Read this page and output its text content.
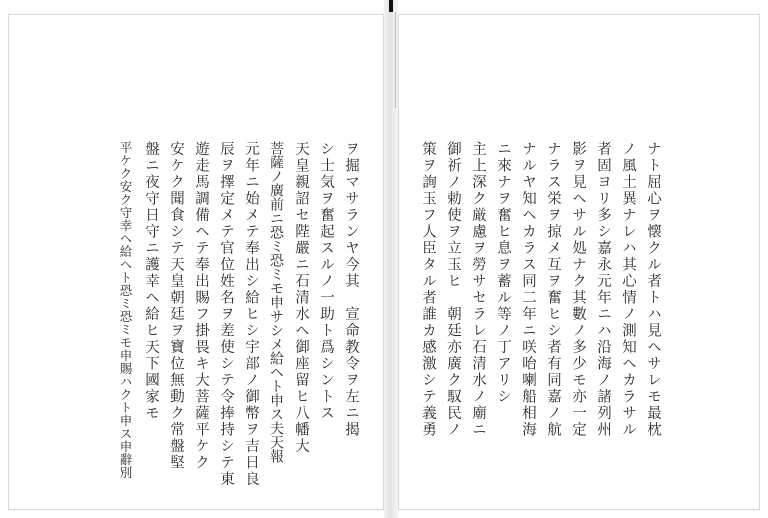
ヲ掘マサランヤ今其　宣命教令ヲ左ニ揭
シ士気ヲ奮起スルノ一助ト爲シントス
天皇親詔セ陛嚴ニ石清水ヘ御座留ヒ八幡大
菩薩ノ廣前ニ恐ミ恐ミモ申サシメ給ヘト申ス夫天報
元年ニ始メテ奉出シ給ヒシ宇部ノ御幣ヲ吉日良
辰ヲ擇定メテ官位姓名ヲ差使シテ令捧持シテ東
遊走馬調備ヘテ奉出賜フ掛畏キ大菩薩平ケク
安ケク聞食シテ天皇朝廷ヲ寶位無動ク常盤堅
盤ニ夜守日守ニ護幸ヘ給ヒ天下國家モ
平ケク安ク守幸ヘ給ヘト恐ミ恐ミモ申賜ハクト申ス申辭別	ナト屈心ヲ懐クル者トハ見ヘサレモ最枕
ノ風土異ナレハ其心情ノ測知ヘカラサル
者固ヨリ多シ嘉永元年ニハ沿海ノ諸列州
影ヲ見ヘサル処ナク其數ノ多少モ亦一定
ナラス栄ヲ掠メ互ヲ奮ヒシ者有同嘉ノ航
ナルヤ知ヘカラス同二年ニ咲咍喇船相海
ニ來ナヲ奮ヒ息ヲ蓄ル等ノ丁アリシ
主上深ク厳慮ヲ勞サセラレ石清水ノ廟ニ
御祈ノ勅使ヲ立玉ヒ　朝廷亦廣ク馭民ノ
策ヲ詢玉フ人臣タル者誰カ感激シテ義勇
